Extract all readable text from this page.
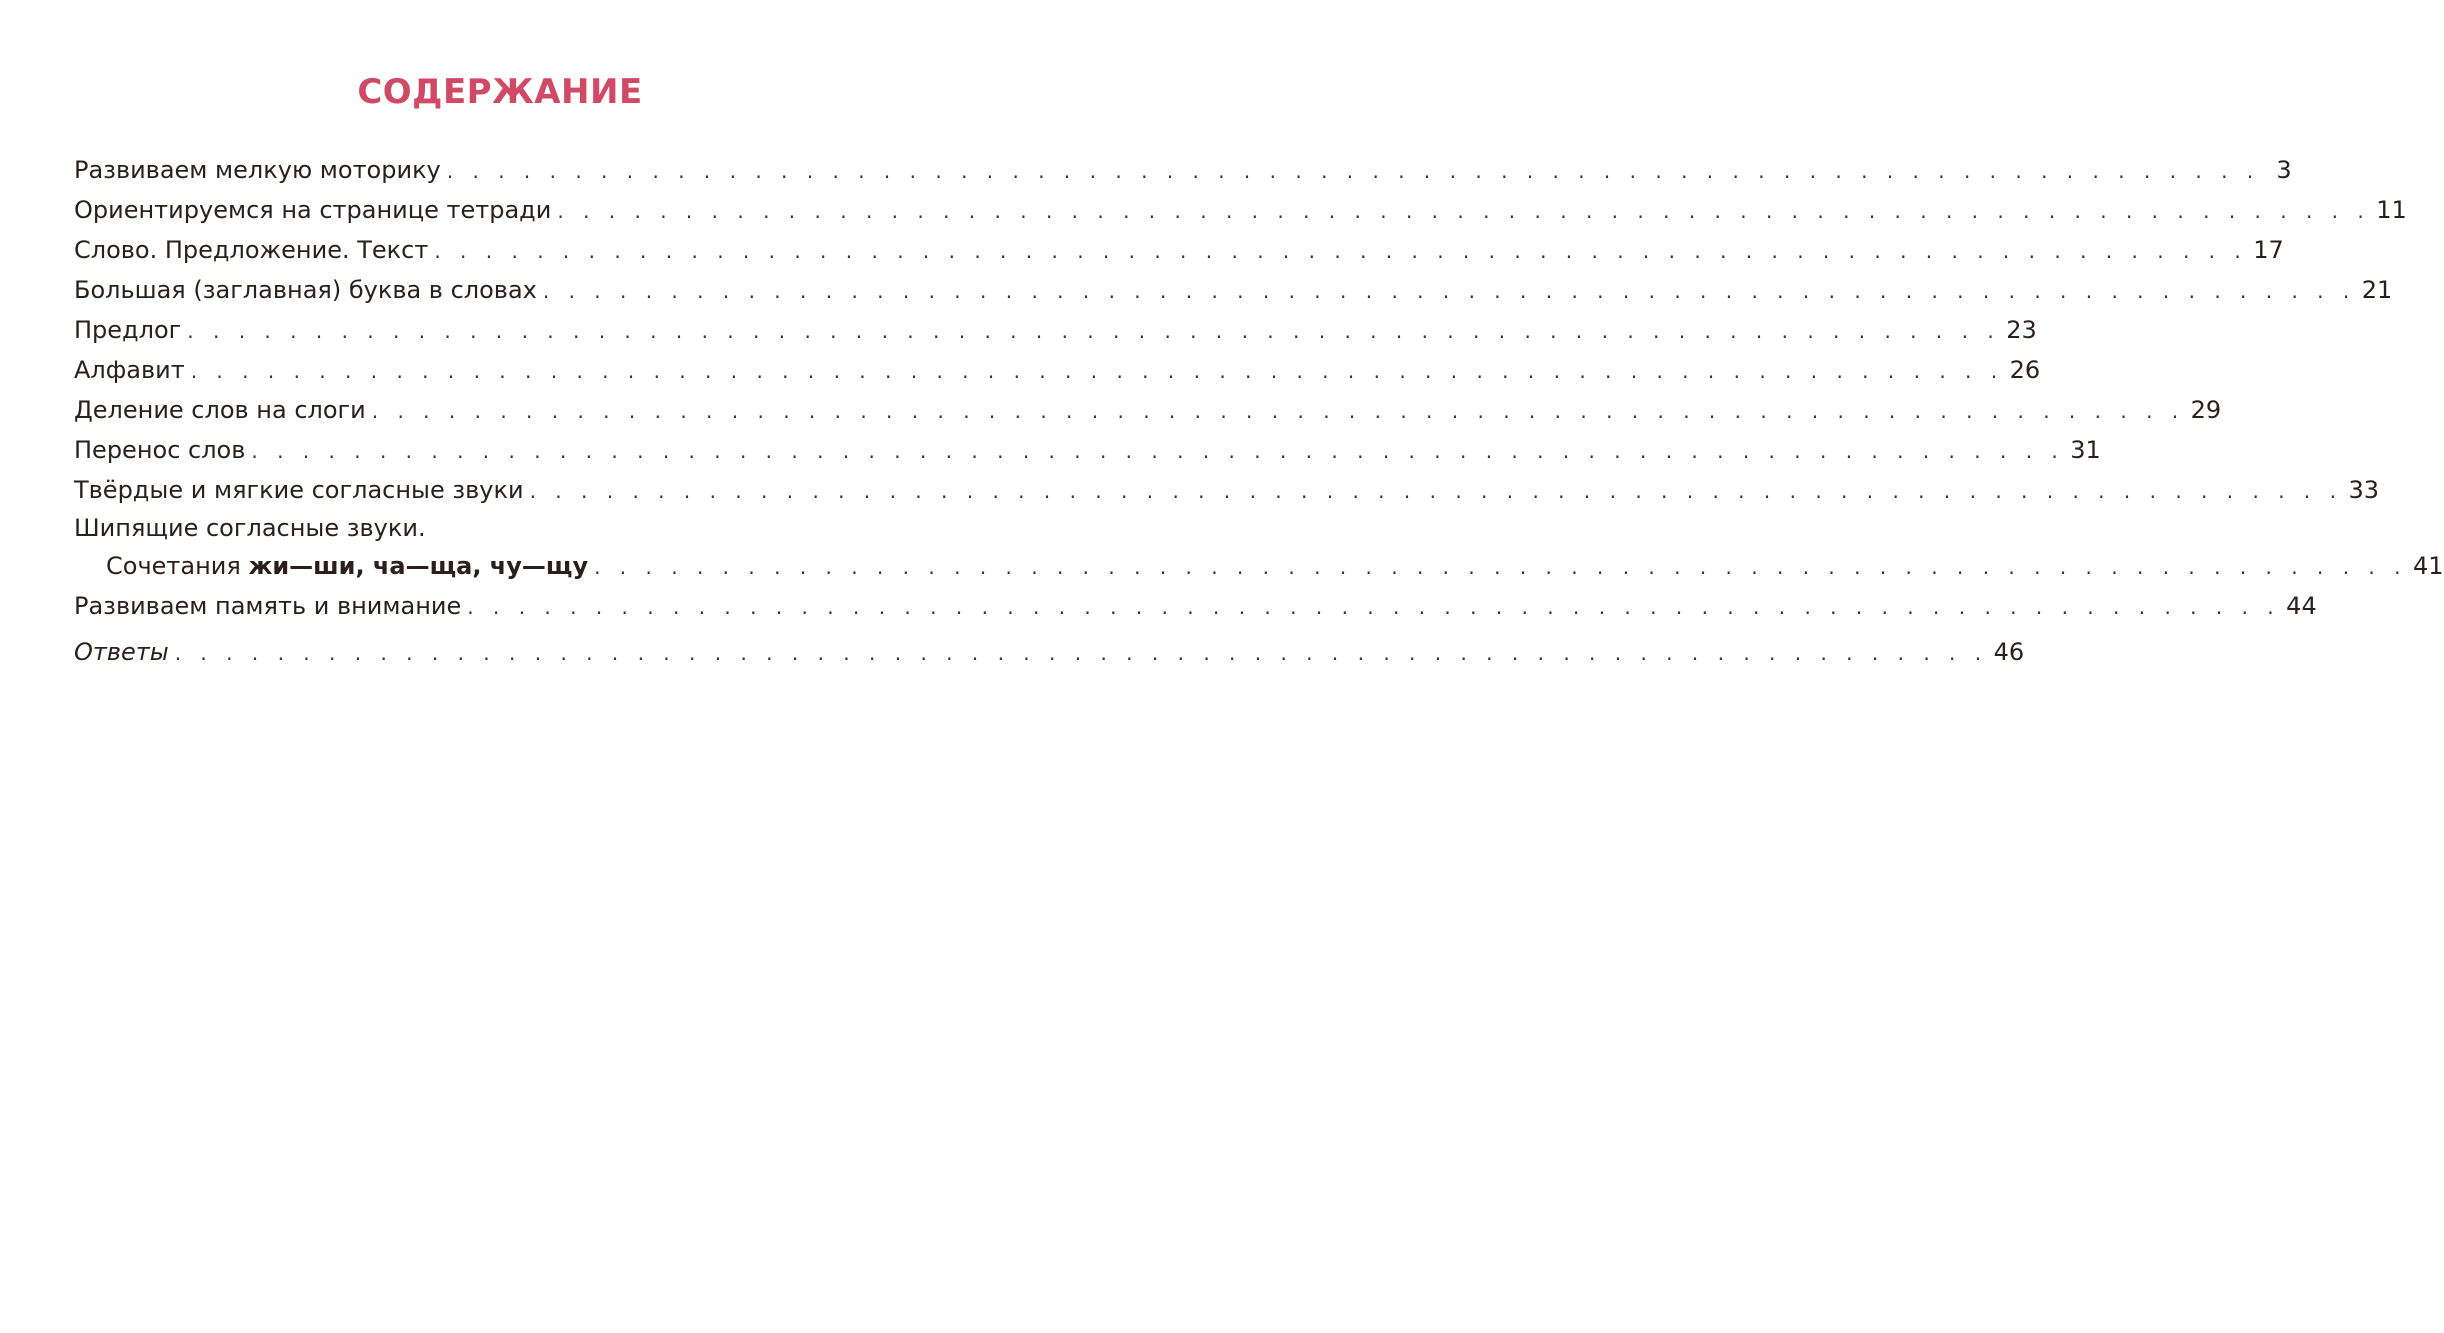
СОДЕРЖАНИЕ
Развиваем мелкую моторику . . . . . . . . . . . . . . . . . . . . . . . . . . . . . . . . . . . . . . . . . . . . . . . . . . . . . . . . . . . . . . . . . . . . . . . 3
Ориентируемся на странице тетради . . . . . . . . . . . . . . . . . . . . . . . . . . . . . . . . . . . . . . . . . . . . . . . . . . . . . . . . . . . . . . . . . . . . . . . 11
Слово. Предложение. Текст . . . . . . . . . . . . . . . . . . . . . . . . . . . . . . . . . . . . . . . . . . . . . . . . . . . . . . . . . . . . . . . . . . . . . . . 17
Большая (заглавная) буква в словах . . . . . . . . . . . . . . . . . . . . . . . . . . . . . . . . . . . . . . . . . . . . . . . . . . . . . . . . . . . . . . . . . . . . . . . 21
Предлог . . . . . . . . . . . . . . . . . . . . . . . . . . . . . . . . . . . . . . . . . . . . . . . . . . . . . . . . . . . . . . . . . . . . . . . 23
Алфавит . . . . . . . . . . . . . . . . . . . . . . . . . . . . . . . . . . . . . . . . . . . . . . . . . . . . . . . . . . . . . . . . . . . . . . . 26
Деление слов на слоги . . . . . . . . . . . . . . . . . . . . . . . . . . . . . . . . . . . . . . . . . . . . . . . . . . . . . . . . . . . . . . . . . . . . . . . 29
Перенос слов . . . . . . . . . . . . . . . . . . . . . . . . . . . . . . . . . . . . . . . . . . . . . . . . . . . . . . . . . . . . . . . . . . . . . . . 31
Твёрдые и мягкие согласные звуки . . . . . . . . . . . . . . . . . . . . . . . . . . . . . . . . . . . . . . . . . . . . . . . . . . . . . . . . . . . . . . . . . . . . . . . 33
Шипящие согласные звуки.
Сочетания жи—ши, ча—ща, чу—щу . . . . . . . . . . . . . . . . . . . . . . . . . . . . . . . . . . . . . . . . . . . . . . . . . . . . . . . . . . . . . . . . . . . . . . . 41
Развиваем память и внимание . . . . . . . . . . . . . . . . . . . . . . . . . . . . . . . . . . . . . . . . . . . . . . . . . . . . . . . . . . . . . . . . . . . . . . . 44
Ответы . . . . . . . . . . . . . . . . . . . . . . . . . . . . . . . . . . . . . . . . . . . . . . . . . . . . . . . . . . . . . . . . . . . . . . . 46
